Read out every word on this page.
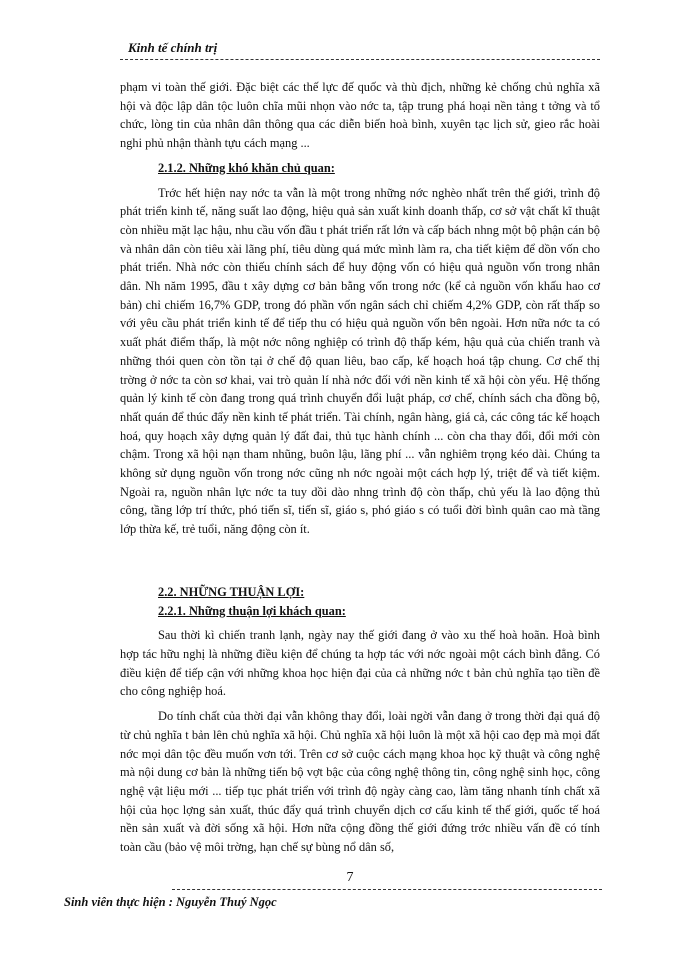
Kinh tế chính trị

phạm vi toàn thế giới. Đặc biệt các thế lực đế quốc và thù địch, những kẻ chống chủ nghĩa xã hội và độc lập dân tộc luôn chĩa mũi nhọn vào nớc ta, tập trung phá hoại nền tảng t tởng và tổ chức, lòng tin của nhân dân thông qua các diễn biến hoà bình, xuyên tạc lịch sử, gieo rắc hoài nghi phủ nhận thành tựu cách mạng ...

2.1.2. Những khó khăn chủ quan:

Trớc hết hiện nay nớc ta vẫn là một trong những nớc nghèo nhất trên thế giới, trình độ phát triển kinh tế, năng suất lao động, hiệu quả sản xuất kinh doanh thấp, cơ sở vật chất kĩ thuật còn nhiều mặt lạc hậu, nhu cầu vốn đầu t phát triển rất lớn và cấp bách nhng một bộ phận cán bộ và nhân dân còn tiêu xài lãng phí, tiêu dùng quá mức mình làm ra, cha tiết kiệm để dồn vốn cho phát triển. Nhà nớc còn thiếu chính sách để huy động vốn có hiệu quả nguồn vốn trong nhân dân. Nh năm 1995, đầu t xây dựng cơ bản bằng vốn trong nớc (kể cả nguồn vốn khấu hao cơ bản) chỉ chiếm 16,7% GDP, trong đó phần vốn ngân sách chỉ chiếm 4,2% GDP, còn rất thấp so với yêu cầu phát triển kinh tế để tiếp thu có hiệu quả nguồn vốn bên ngoài. Hơn nữa nớc ta có xuất phát điểm thấp, là một nớc nông nghiệp có trình độ thấp kém, hậu quả của chiến tranh và những thói quen còn tồn tại ở chế độ quan liêu, bao cấp, kế hoạch hoá tập chung. Cơ chế thị trờng ở nớc ta còn sơ khai, vai trò quản lí nhà nớc đối với nền kinh tế xã hội còn yếu. Hệ thống quản lý kinh tế còn đang trong quá trình chuyển đổi luật pháp, cơ chế, chính sách cha đồng bộ, nhất quán để thúc đẩy nền kinh tế phát triển. Tài chính, ngân hàng, giá cả, các công tác kế hoạch hoá, quy hoạch xây dựng quản lý đất đai, thủ tục hành chính ... còn cha thay đổi, đổi mới còn chậm. Trong xã hội nạn tham nhũng, buôn lậu, lãng phí ... vẫn nghiêm trọng kéo dài. Chúng ta không sử dụng nguồn vốn trong nớc cũng nh nớc ngoài một cách hợp lý, triệt để và tiết kiệm. Ngoài ra, nguồn nhân lực nớc ta tuy dồi dào nhng trình độ còn thấp, chủ yếu là lao động thủ công, tầng lớp trí thức, phó tiến sĩ, tiến sĩ, giáo s, phó giáo s có tuổi đời bình quân cao mà tầng lớp thừa kế, trẻ tuổi, năng động còn ít.

2.2. NHỮNG THUẬN LỢI:

2.2.1. Những thuận lợi khách quan:

Sau thời kì chiến tranh lạnh, ngày nay thế giới đang ở vào xu thế hoà hoãn. Hoà bình hợp tác hữu nghị là những điều kiện để chúng ta hợp tác với nớc ngoài một cách bình đẳng. Có điều kiện để tiếp cận với những khoa học hiện đại của cả những nớc t bản chủ nghĩa tạo tiền đề cho công nghiệp hoá.

Do tính chất của thời đại vẫn không thay đổi, loài ngời vẫn đang ở trong thời đại quá độ từ chủ nghĩa t bản lên chủ nghĩa xã hội. Chủ nghĩa xã hội luôn là một xã hội cao đẹp mà mọi đất nớc mọi dân tộc đều muốn vơn tới. Trên cơ sở cuộc cách mạng khoa học kỹ thuật và công nghệ mà nội dung cơ bản là những tiến bộ vợt bậc của công nghệ thông tin, công nghệ sinh học, công nghệ vật liệu mới ... tiếp tục phát triển với trình độ ngày càng cao, làm tăng nhanh tính chất xã hội của học lợng sản xuất, thúc đẩy quá trình chuyển dịch cơ cấu kinh tế thế giới, quốc tế hoá nền sản xuất và đời sống xã hội. Hơn nữa cộng đồng thế giới đứng trớc nhiều vấn đề có tính toàn cầu (bảo vệ môi trờng, hạn chế sự bùng nổ dân số,

7
Sinh viên thực hiện : Nguyễn Thuý Ngọc
